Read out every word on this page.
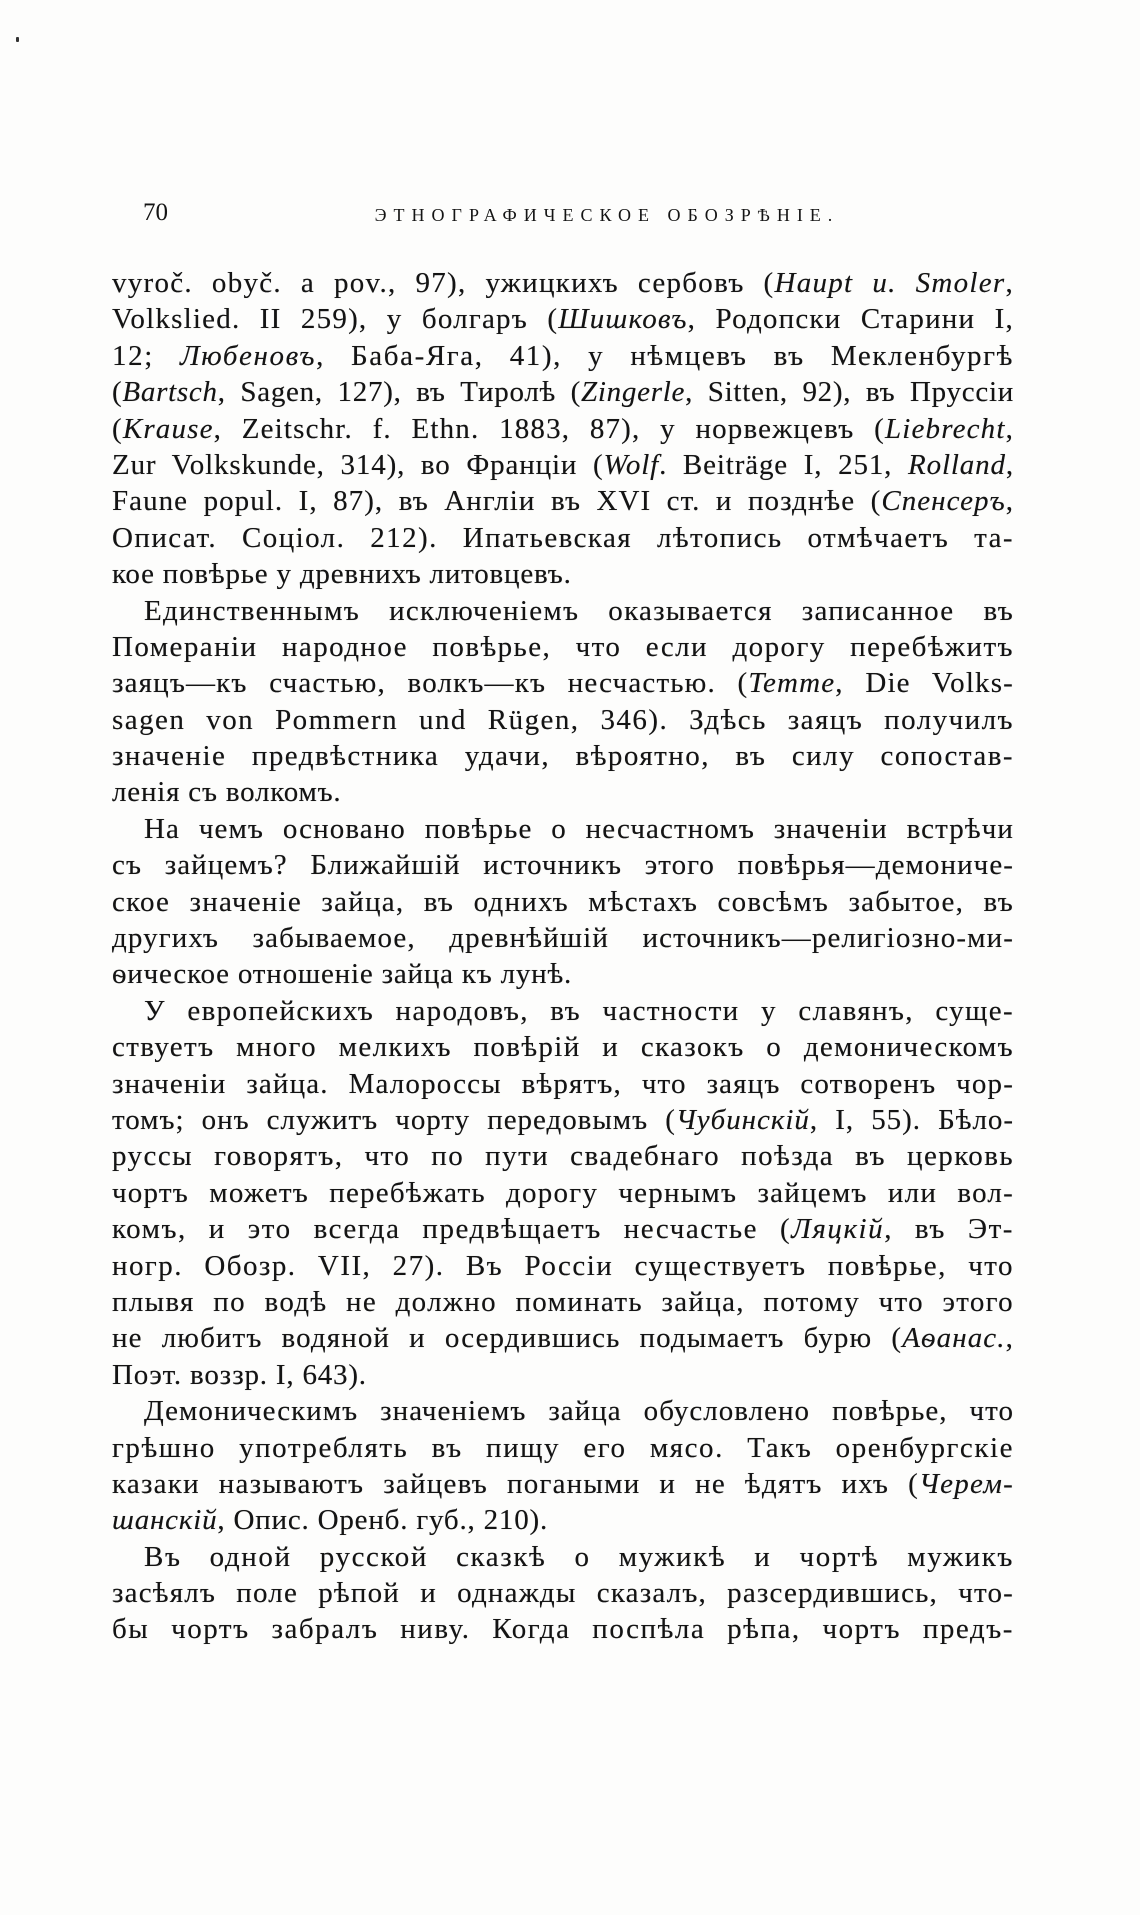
70	ЭТНОГРАФИЧЕСКОЕ ОБОЗРѢНІЕ.
vyroč. obyč. a pov., 97), ужицкихъ сербовъ (Haupt u. Smoler,
Volkslied. II 259), у болгаръ (Шишковъ, Родопски Старини I,
12; Любеновъ, Баба-Яга, 41), у нѣмцевъ въ Мекленбургѣ
(Bartsch, Sagen, 127), въ Тиролѣ (Zingerle, Sitten, 92), въ Пруссіи
(Krause, Zeitschr. f. Ethn. 1883, 87), у норвежцевъ (Liebrecht,
Zur Volkskunde, 314), во Франціи (Wolf. Beiträge I, 251, Rolland,
Faune popul. I, 87), въ Англіи въ XVI ст. и позднѣе (Спенсеръ,
Описат. Соціол. 212). Ипатьевская лѣтопись отмѣчаетъ та-
кое повѣрье у древнихъ литовцевъ.
Единственнымъ исключеніемъ оказывается записанное въ
Помераніи народное повѣрье, что если дорогу перебѣжитъ
заяцъ—къ счастью, волкъ—къ несчастью. (Temme, Die Volks-
sagen von Pommern und Rügen, 346). Здѣсь заяцъ получилъ
значеніе предвѣстника удачи, вѣроятно, въ силу сопостав-
ленія съ волкомъ.
На чемъ основано повѣрье о несчастномъ значеніи встрѣчи
съ зайцемъ? Ближайшій источникъ этого повѣрья—демониче-
ское значеніе зайца, въ однихъ мѣстахъ совсѣмъ забытое, въ
другихъ забываемое, древнѣйшій источникъ—религіозно-ми-
ѳическое отношеніе зайца къ лунѣ.
У европейскихъ народовъ, въ частности у славянъ, суще-
ствуетъ много мелкихъ повѣрій и сказокъ о демоническомъ
значеніи зайца. Малороссы вѣрятъ, что заяцъ сотворенъ чор-
томъ; онъ служитъ чорту передовымъ (Чубинскій, I, 55). Бѣло-
руссы говорятъ, что по пути свадебнаго поѣзда въ церковь
чортъ можетъ перебѣжать дорогу чернымъ зайцемъ или вол-
комъ, и это всегда предвѣщаетъ несчастье (Ляцкій, въ Эт-
ногр. Обозр. VII, 27). Въ Россіи существуетъ повѣрье, что
плывя по водѣ не должно поминать зайца, потому что этого
не любитъ водяной и осердившись подымаетъ бурю (Аѳанас.,
Поэт. воззр. I, 643).
Демоническимъ значеніемъ зайца обусловлено повѣрье, что
грѣшно употреблять въ пищу его мясо. Такъ оренбургскіе
казаки называютъ зайцевъ погаными и не ѣдятъ ихъ (Черем-
шанскій, Опис. Оренб. губ., 210).
Въ одной русской сказкѣ о мужикѣ и чортѣ мужикъ
засѣялъ поле рѣпой и однажды сказалъ, разсердившись, что-
бы чортъ забралъ ниву. Когда поспѣла рѣпа, чортъ предъ-
